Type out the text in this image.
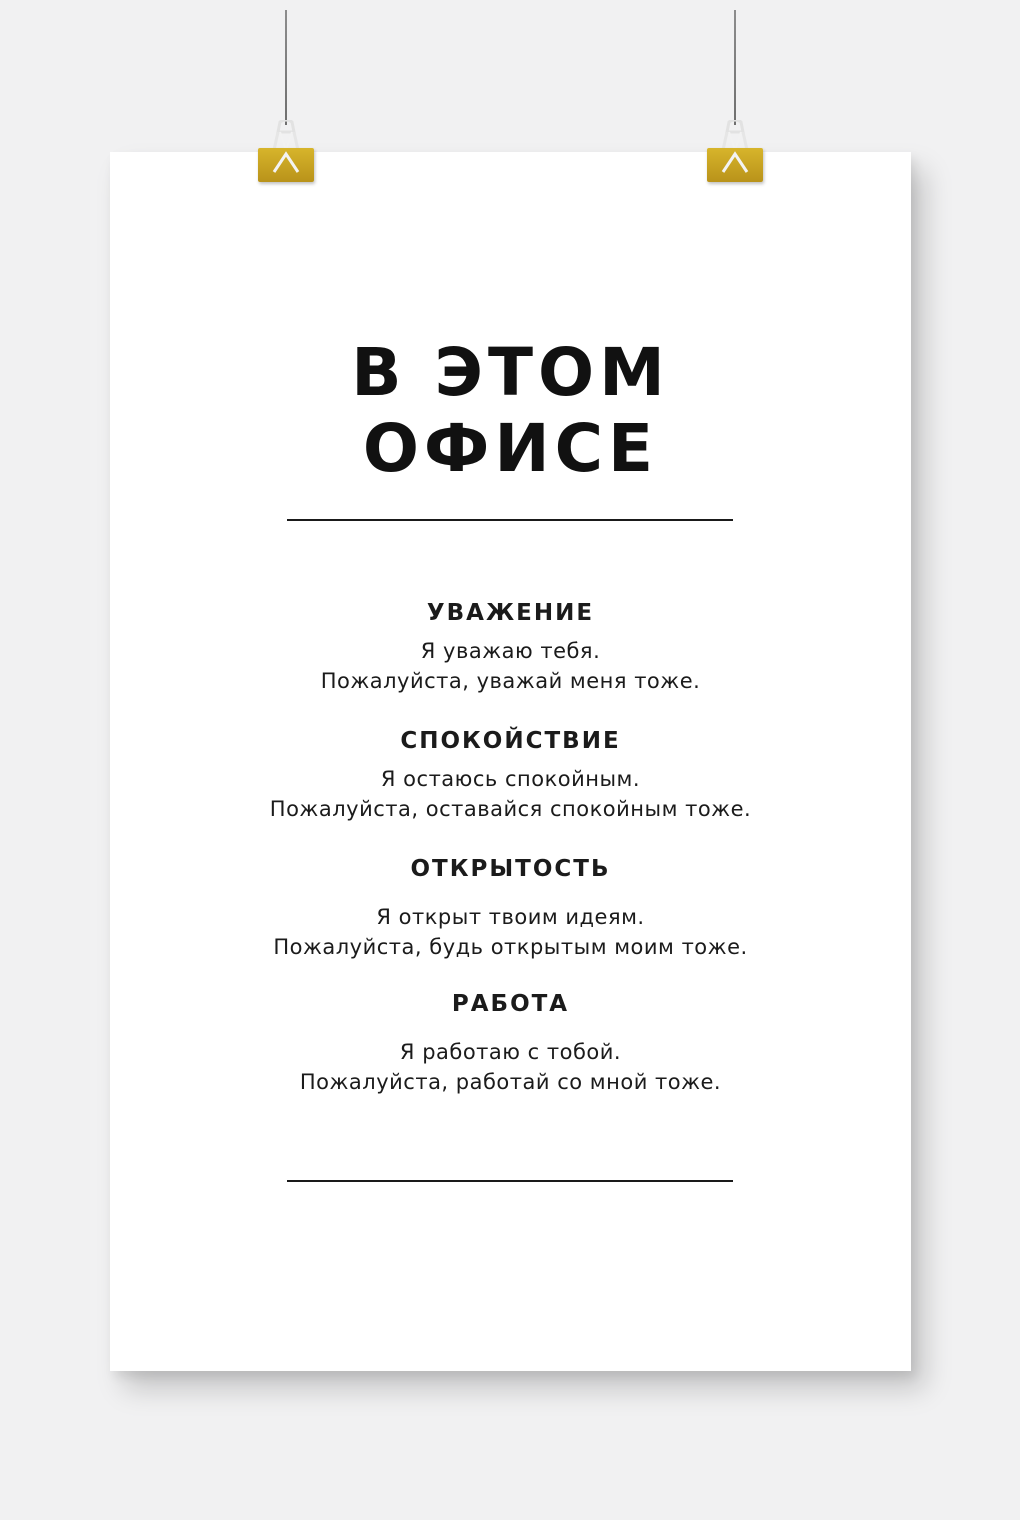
В ЭТОМ
ОФИСЕ
УВАЖЕНИЕ
Я уважаю тебя.
Пожалуйста, уважай меня тоже.
СПОКОЙСТВИЕ
Я остаюсь спокойным.
Пожалуйста, оставайся спокойным тоже.
ОТКРЫТОСТЬ
Я открыт твоим идеям.
Пожалуйста, будь открытым моим тоже.
РАБОТА
Я работаю с тобой.
Пожалуйста, работай со мной тоже.
